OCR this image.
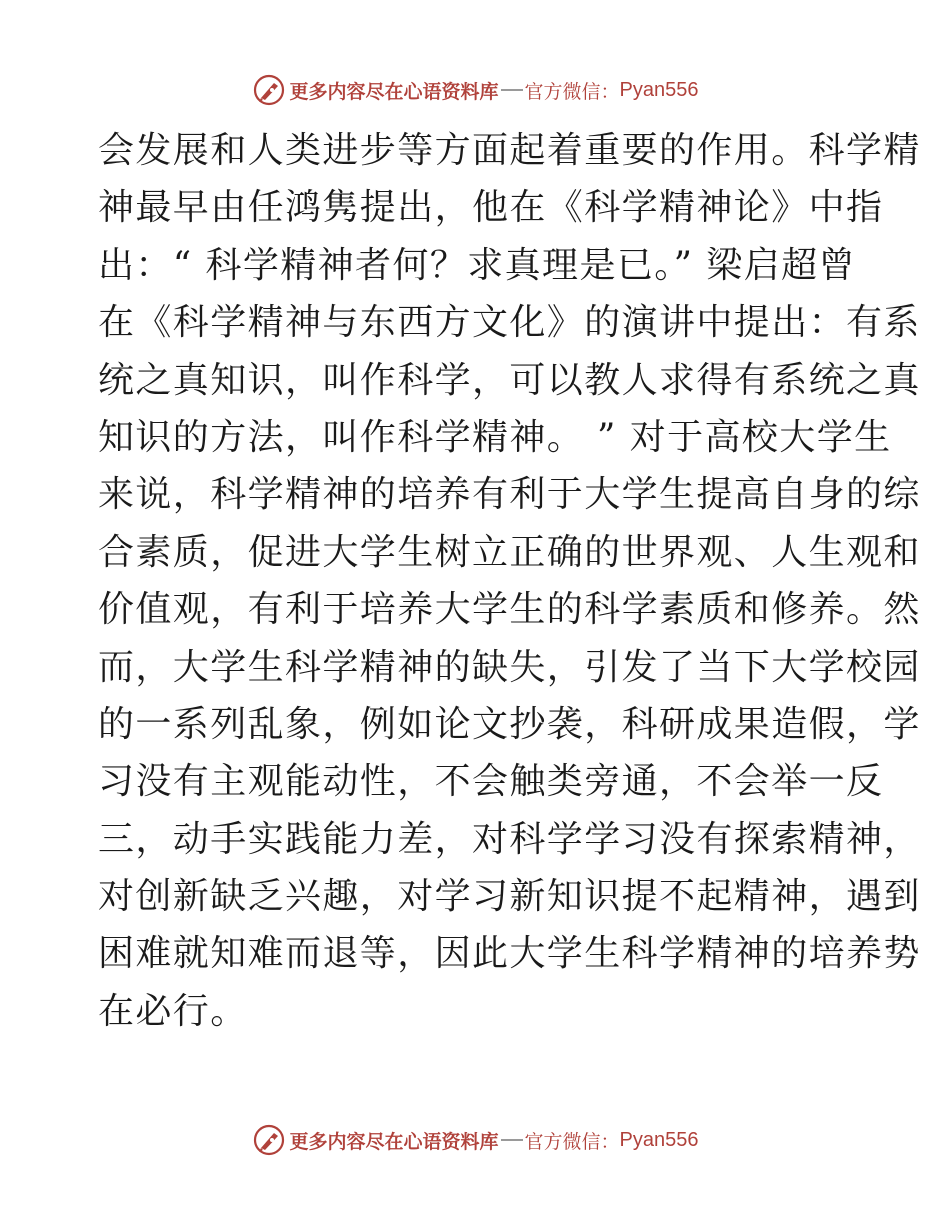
更多内容尽在心语资料库 官方微信： Pyan556
会发展和人类进步等方面起着重要的作用。科学精
神最早由任鸿隽提出，他在《科学精神论》中指
出：“ 科学精神者何？求真理是已。” 梁启超曾
在《科学精神与东西方文化》的演讲中提出：有系
统之真知识，叫作科学，可以教人求得有系统之真
知识的方法，叫作科学精神。 ” 对于高校大学生
来说，科学精神的培养有利于大学生提高自身的综
合素质，促进大学生树立正确的世界观、人生观和
价值观，有利于培养大学生的科学素质和修养。然
而，大学生科学精神的缺失，引发了当下大学校园
的一系列乱象，例如论文抄袭，科研成果造假，学
习没有主观能动性，不会触类旁通，不会举一反
三，动手实践能力差，对科学学习没有探索精神，
对创新缺乏兴趣，对学习新知识提不起精神，遇到
困难就知难而退等，因此大学生科学精神的培养势
在必行。
更多内容尽在心语资料库 官方微信： Pyan556
